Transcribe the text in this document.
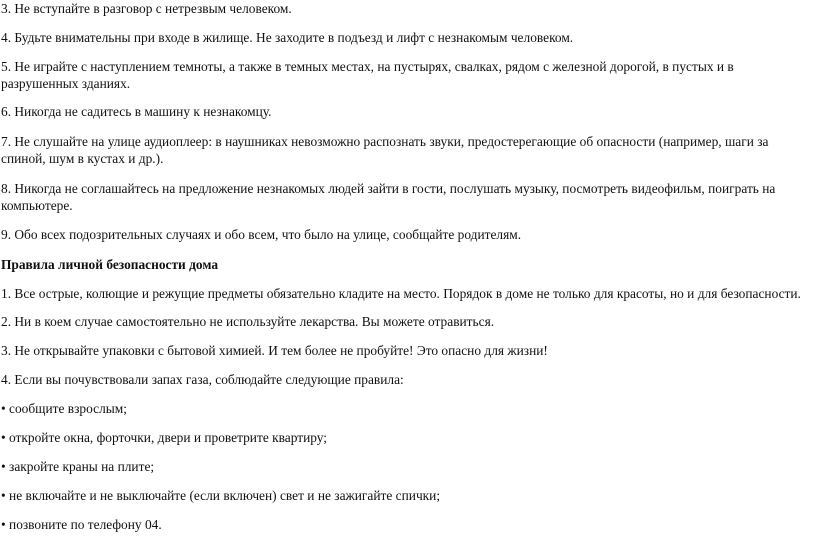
3. Не вступайте в разговор с нетрезвым человеком.
4. Будьте внимательны при входе в жилище. Не заходите в подъезд и лифт с незнакомым человеком.
5. Не играйте с наступлением темноты, а также в темных местах, на пустырях, свалках, рядом с железной дорогой, в пустых и в
разрушенных зданиях.
6. Никогда не садитесь в машину к незнакомцу.
7. Не слушайте на улице аудиоплеер: в наушниках невозможно распознать звуки, предостерегающие об опасности (например, шаги за
спиной, шум в кустах и др.).
8. Никогда не соглашайтесь на предложение незнакомых людей зайти в гости, послушать музыку, посмотреть видеофильм, поиграть на
компьютере.
9. Обо всех подозрительных случаях и обо всем, что было на улице, сообщайте родителям.
Правила личной безопасности дома
1. Все острые, колющие и режущие предметы обязательно кладите на место. Порядок в доме не только для красоты, но и для безопасности.
2. Ни в коем случае самостоятельно не используйте лекарства. Вы можете отравиться.
3. Не открывайте упаковки с бытовой химией. И тем более не пробуйте! Это опасно для жизни!
4. Если вы почувствовали запах газа, соблюдайте следующие правила:
• сообщите взрослым;
• откройте окна, форточки, двери и проветрите квартиру;
• закройте краны на плите;
• не включайте и не выключайте (если включен) свет и не зажигайте спички;
• позвоните по телефону 04.
